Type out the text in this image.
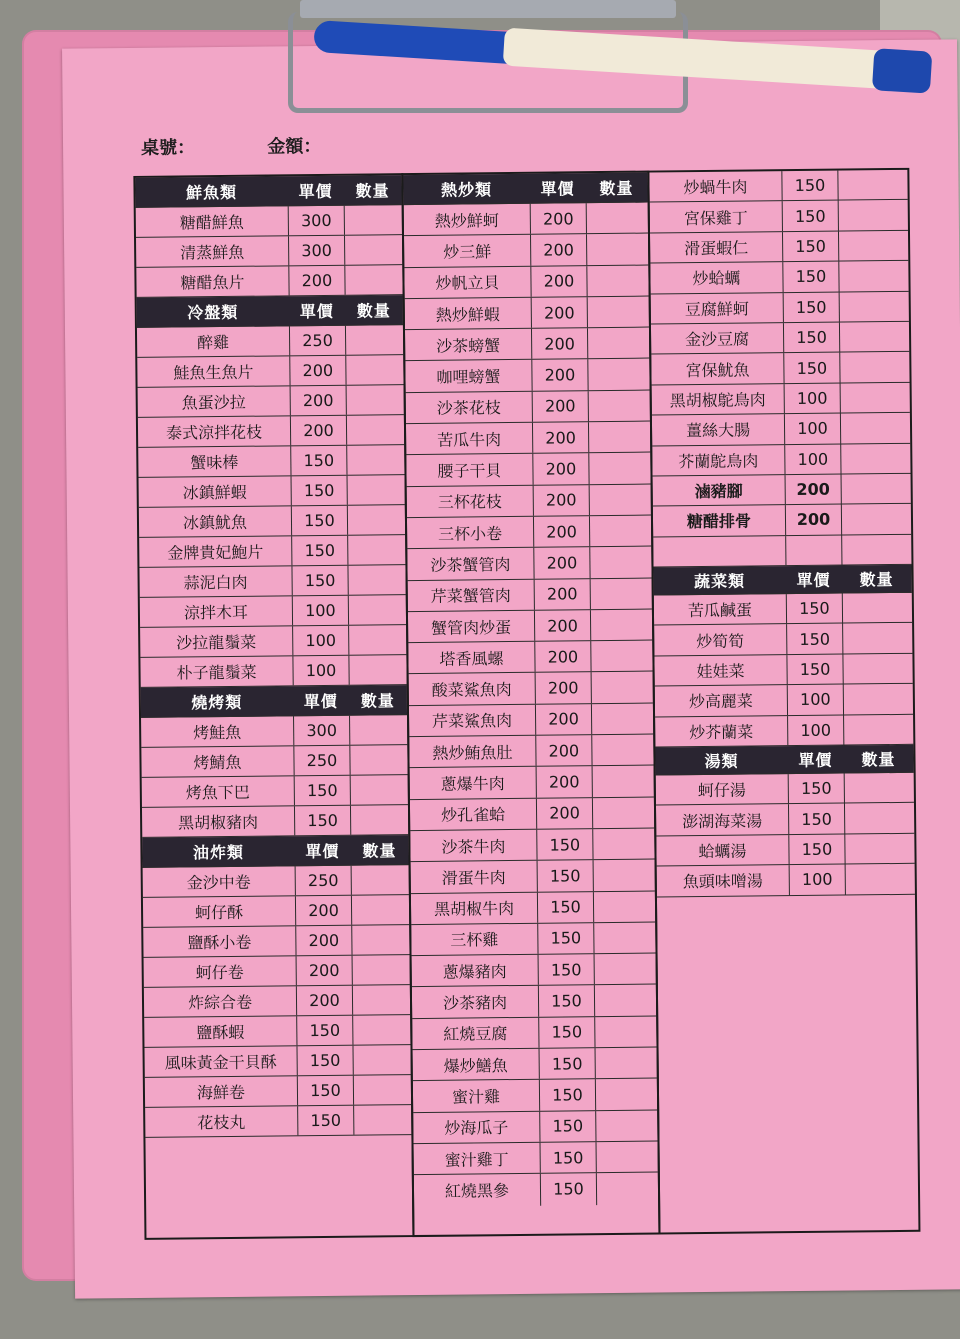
桌號：	金額：
鮮魚類	單價	數量
糖醋鮮魚	300
清蒸鮮魚	300
糖醋魚片	200
冷盤類	單價	數量
醉雞	250
鮭魚生魚片	200
魚蛋沙拉	200
泰式涼拌花枝	200
蟹味棒	150
冰鎮鮮蝦	150
冰鎮魷魚	150
金牌貴妃鮑片	150
蒜泥白肉	150
涼拌木耳	100
沙拉龍鬚菜	100
朴子龍鬚菜	100
燒烤類	單價	數量
烤鮭魚	300
烤鯖魚	250
烤魚下巴	150
黑胡椒豬肉	150
油炸類	單價	數量
金沙中卷	250
蚵仔酥	200
鹽酥小卷	200
蚵仔卷	200
炸綜合卷	200
鹽酥蝦	150
風味黃金干貝酥	150
海鮮卷	150
花枝丸	150
熱炒類	單價	數量
熱炒鮮蚵	200
炒三鮮	200
炒帆立貝	200
熱炒鮮蝦	200
沙茶螃蟹	200
咖哩螃蟹	200
沙茶花枝	200
苦瓜牛肉	200
腰子干貝	200
三杯花枝	200
三杯小卷	200
沙茶蟹管肉	200
芹菜蟹管肉	200
蟹管肉炒蛋	200
塔香風螺	200
酸菜鯊魚肉	200
芹菜鯊魚肉	200
熱炒鮪魚肚	200
蔥爆牛肉	200
炒孔雀蛤	200
沙茶牛肉	150
滑蛋牛肉	150
黑胡椒牛肉	150
三杯雞	150
蔥爆豬肉	150
沙茶豬肉	150
紅燒豆腐	150
爆炒鱔魚	150
蜜汁雞	150
炒海瓜子	150
蜜汁雞丁	150
紅燒黑參	150
炒蝸牛肉	150
宮保雞丁	150
滑蛋蝦仁	150
炒蛤蠣	150
豆腐鮮蚵	150
金沙豆腐	150
宮保魷魚	150
黑胡椒鴕鳥肉	100
薑絲大腸	100
芥蘭鴕鳥肉	100
滷豬腳	200
糖醋排骨	200
蔬菜類	單價	數量
苦瓜鹹蛋	150
炒筍筍	150
娃娃菜	150
炒高麗菜	100
炒芥蘭菜	100
湯類	單價	數量
蚵仔湯	150
澎湖海菜湯	150
蛤蠣湯	150
魚頭味噌湯	100
